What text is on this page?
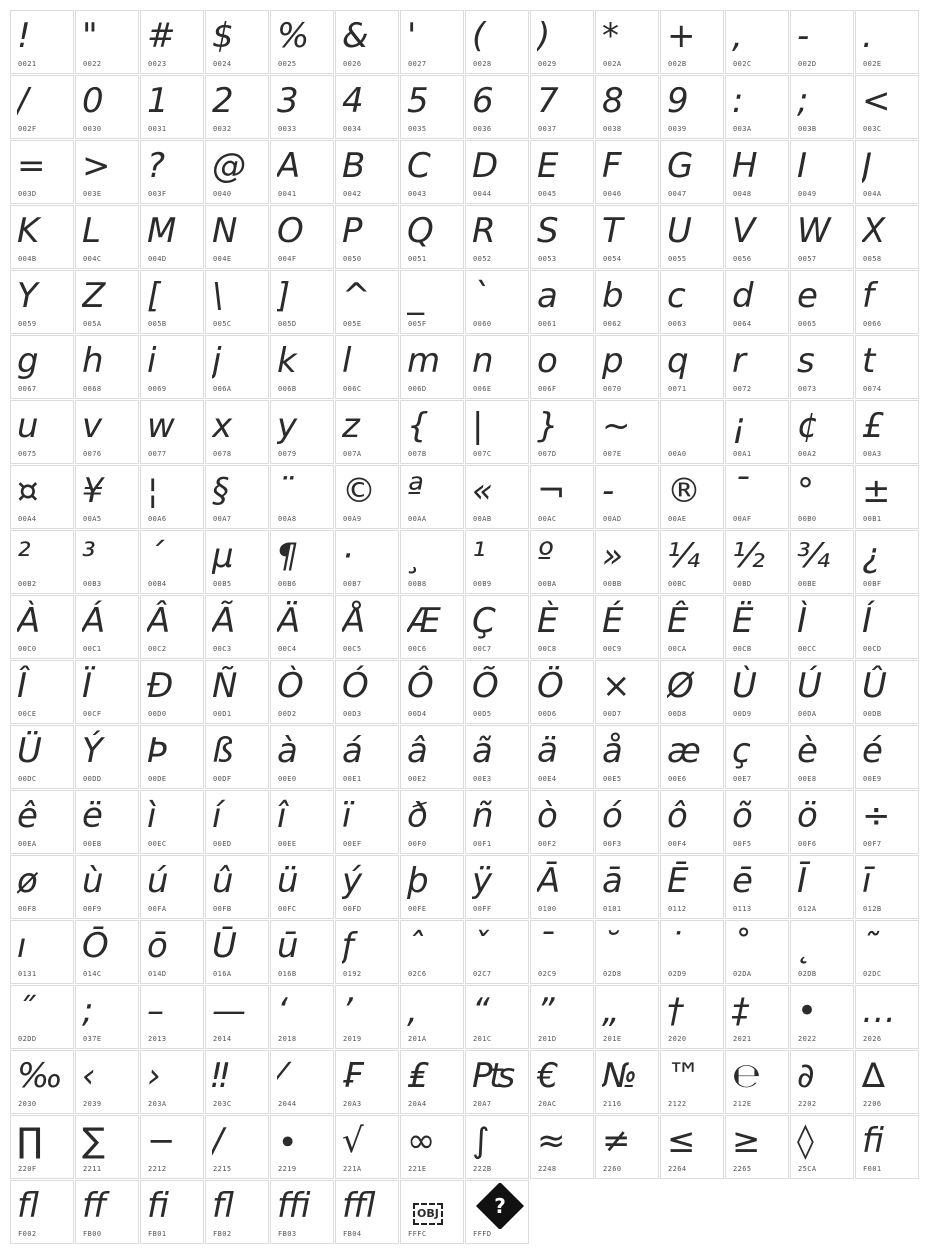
!
0021
"
0022
#
0023
$
0024
%
0025
&
0026
'
0027
(
0028
)
0029
*
002A
+
002B
,
002C
-
002D
.
002E
/
002F
0
0030
1
0031
2
0032
3
0033
4
0034
5
0035
6
0036
7
0037
8
0038
9
0039
:
003A
;
003B
<
003C
=
003D
>
003E
?
003F
@
0040
A
0041
B
0042
C
0043
D
0044
E
0045
F
0046
G
0047
H
0048
I
0049
J
004A
K
004B
L
004C
M
004D
N
004E
O
004F
P
0050
Q
0051
R
0052
S
0053
T
0054
U
0055
V
0056
W
0057
X
0058
Y
0059
Z
005A
[
005B
\
005C
]
005D
^
005E
_
005F
`
0060
a
0061
b
0062
c
0063
d
0064
e
0065
f
0066
g
0067
h
0068
i
0069
j
006A
k
006B
l
006C
m
006D
n
006E
o
006F
p
0070
q
0071
r
0072
s
0073
t
0074
u
0075
v
0076
w
0077
x
0078
y
0079
z
007A
{
007B
|
007C
}
007D
~
007E	00A0
¡
00A1
¢
00A2
£
00A3
¤
00A4
¥
00A5
¦
00A6
§
00A7
¨
00A8
©
00A9
ª
00AA
«
00AB
¬
00AC
-
00AD
®
00AE
¯
00AF
°
00B0
±
00B1
²
00B2
³
00B3
´
00B4
µ
00B5
¶
00B6
·
00B7
¸
00B8
¹
00B9
º
00BA
»
00BB
¼
00BC
½
00BD
¾
00BE
¿
00BF
À
00C0
Á
00C1
Â
00C2
Ã
00C3
Ä
00C4
Å
00C5
Æ
00C6
Ç
00C7
È
00C8
É
00C9
Ê
00CA
Ë
00CB
Ì
00CC
Í
00CD
Î
00CE
Ï
00CF
Ð
00D0
Ñ
00D1
Ò
00D2
Ó
00D3
Ô
00D4
Õ
00D5
Ö
00D6
×
00D7
Ø
00D8
Ù
00D9
Ú
00DA
Û
00DB
Ü
00DC
Ý
00DD
Þ
00DE
ß
00DF
à
00E0
á
00E1
â
00E2
ã
00E3
ä
00E4
å
00E5
æ
00E6
ç
00E7
è
00E8
é
00E9
ê
00EA
ë
00EB
ì
00EC
í
00ED
î
00EE
ï
00EF
ð
00F0
ñ
00F1
ò
00F2
ó
00F3
ô
00F4
õ
00F5
ö
00F6
÷
00F7
ø
00F8
ù
00F9
ú
00FA
û
00FB
ü
00FC
ý
00FD
þ
00FE
ÿ
00FF
Ā
0100
ā
0101
Ē
0112
ē
0113
Ī
012A
ī
012B
ı
0131
Ō
014C
ō
014D
Ū
016A
ū
016B
ƒ
0192
ˆ
02C6
ˇ
02C7
ˉ
02C9
˘
02D8
˙
02D9
˚
02DA
˛
02DB
˜
02DC
˝
02DD
;
037E
–
2013
—
2014
‘
2018
’
2019
‚
201A
“
201C
”
201D
„
201E
†
2020
‡
2021
•
2022
…
2026
‰
2030
‹
2039
›
203A
‼
203C
⁄
2044
₣
20A3
₤
20A4
₧
20A7
€
20AC
№
2116
™
2122
℮
212E
∂
2202
∆
2206
∏
220F
∑
2211
−
2212
∕
2215
∙
2219
√
221A
∞
221E
∫
222B
≈
2248
≠
2260
≤
2264
≥
2265
◊
25CA
ﬁ
F001
ﬂ
F002
ﬀ
FB00
ﬁ
FB01
ﬂ
FB02
ﬃ
FB03
ﬄ
FB04
OBJ
FFFC
?
FFFD
